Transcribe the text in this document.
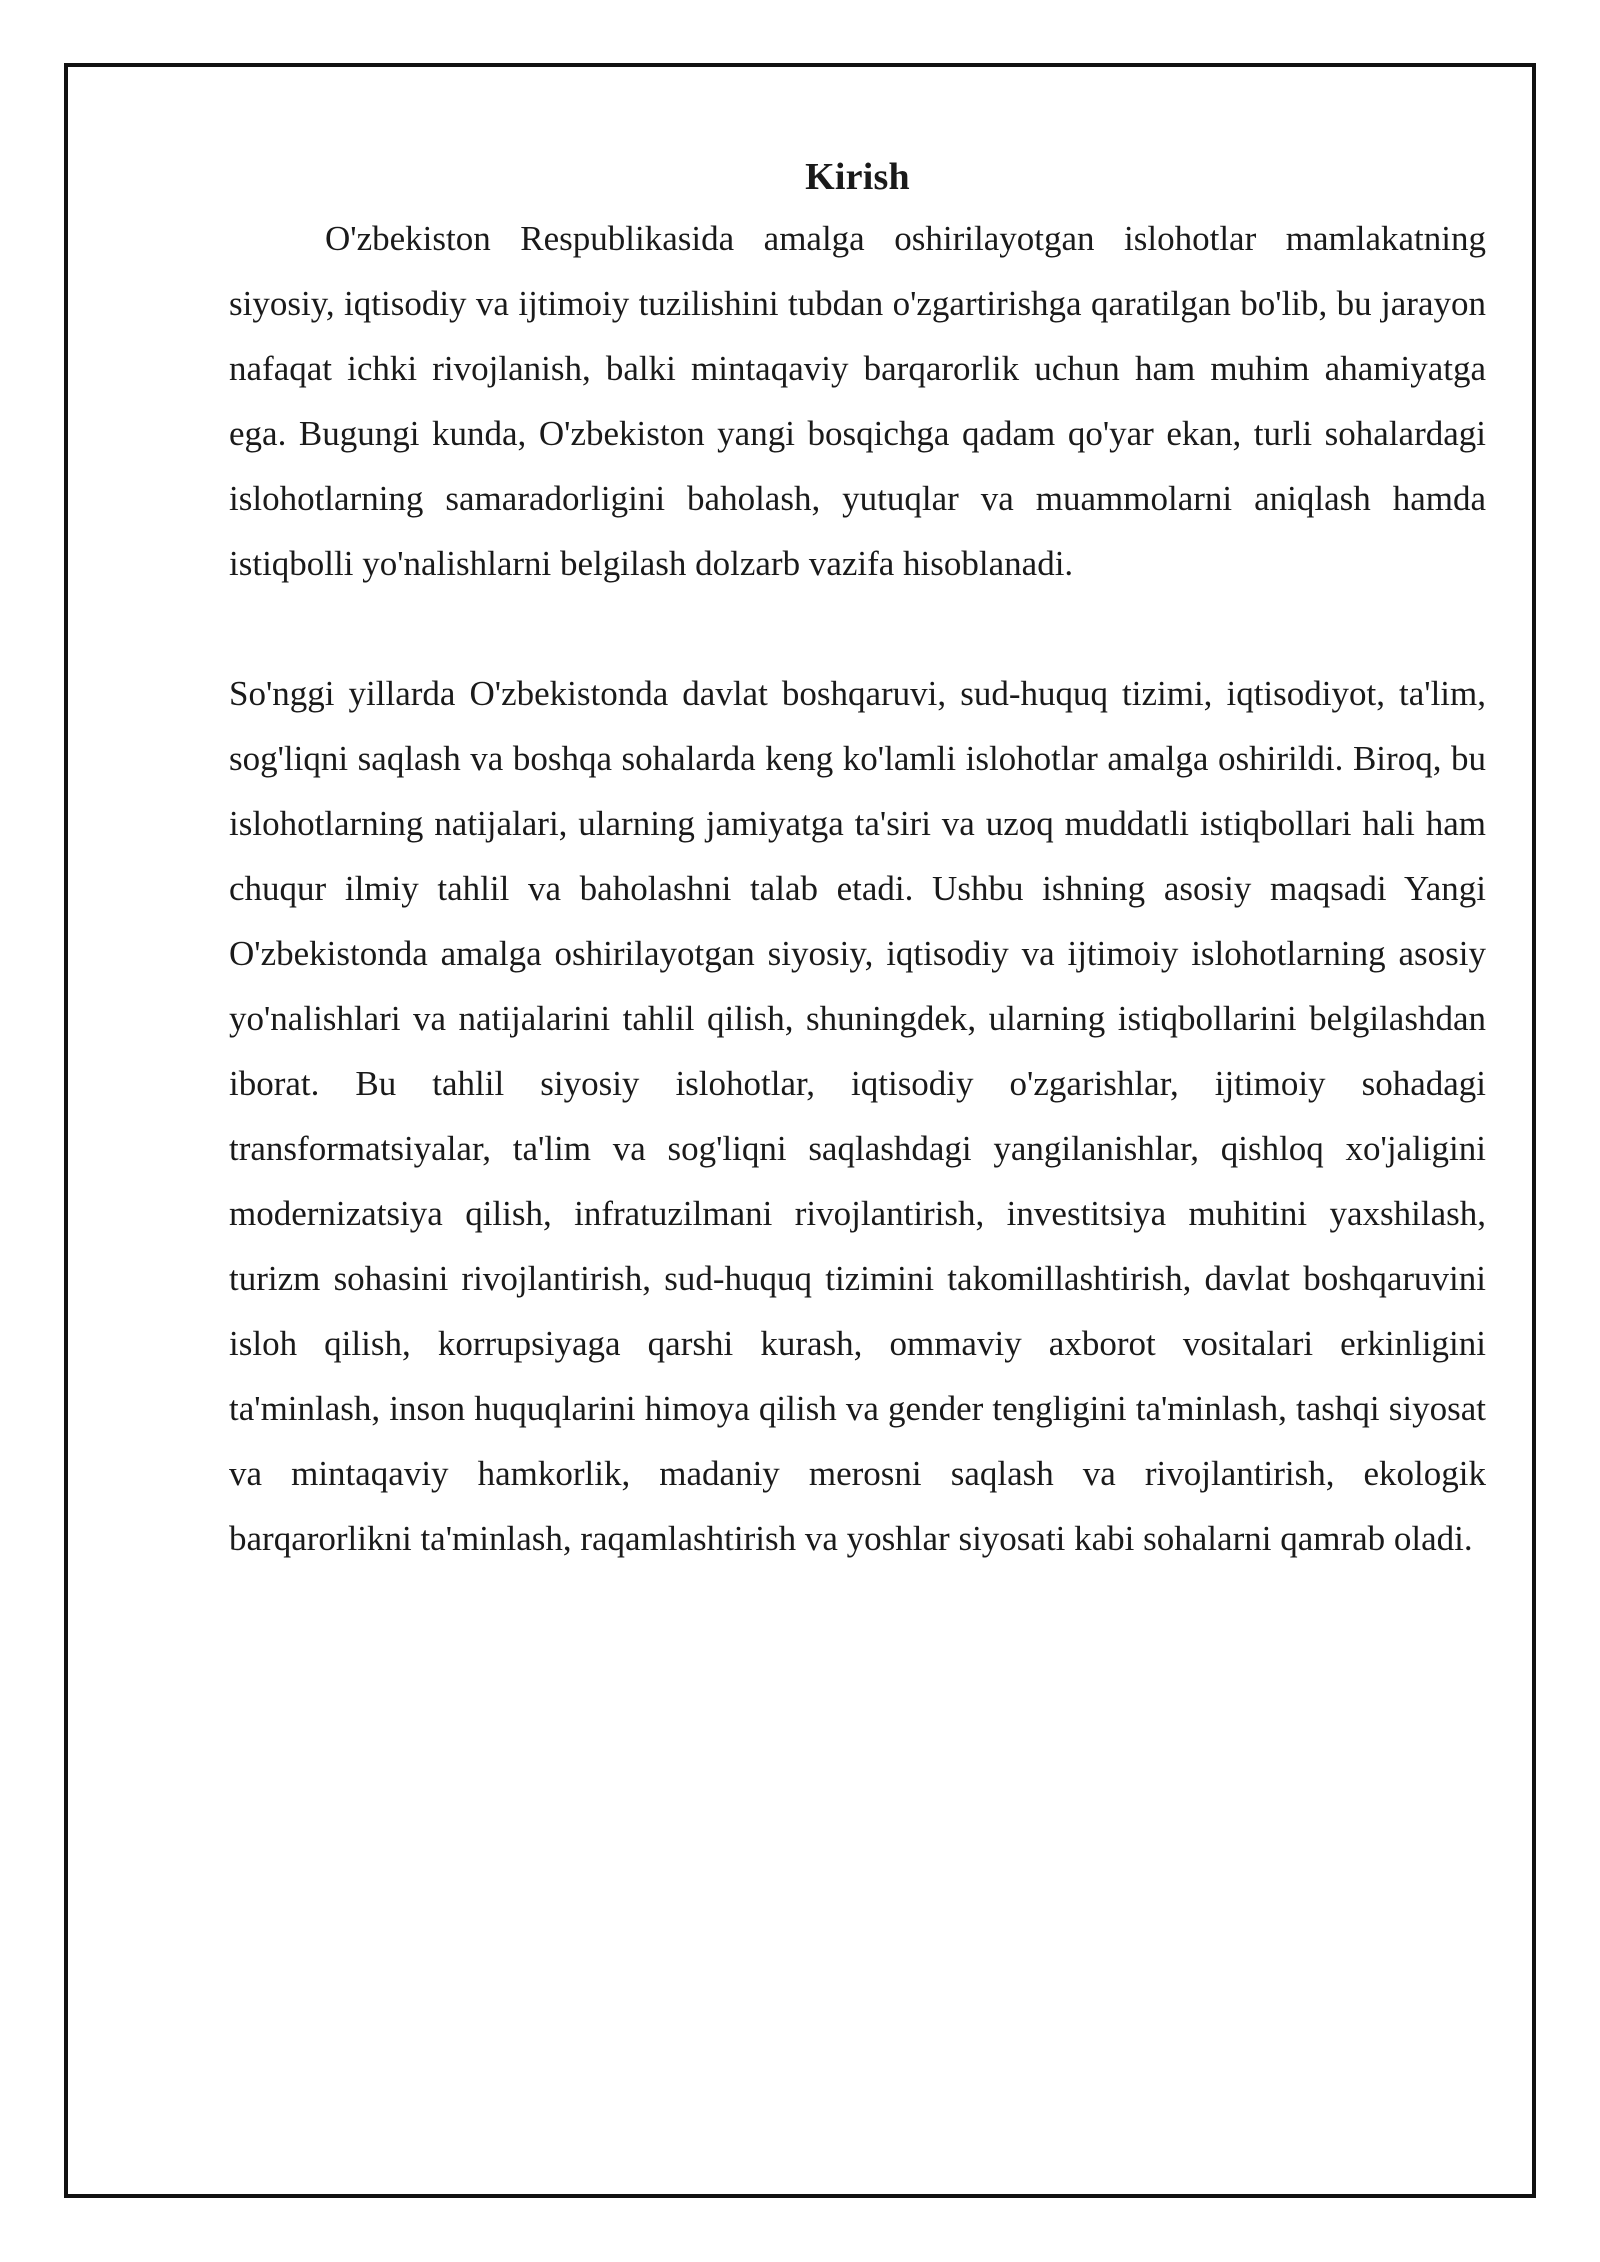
Kirish

O'zbekiston Respublikasida amalga oshirilayotgan islohotlar mamlakatning siyosiy, iqtisodiy va ijtimoiy tuzilishini tubdan o'zgartirishga qaratilgan bo'lib, bu jarayon nafaqat ichki rivojlanish, balki mintaqaviy barqarorlik uchun ham muhim ahamiyatga ega. Bugungi kunda, O'zbekiston yangi bosqichga qadam qo'yar ekan, turli sohalardagi islohotlarning samaradorligini baholash, yutuqlar va muammolarni aniqlash hamda istiqbolli yo'nalishlarni belgilash dolzarb vazifa hisoblanadi.

So'nggi yillarda O'zbekistonda davlat boshqaruvi, sud-huquq tizimi, iqtisodiyot, ta'lim, sog'liqni saqlash va boshqa sohalarda keng ko'lamli islohotlar amalga oshirildi. Biroq, bu islohotlarning natijalari, ularning jamiyatga ta'siri va uzoq muddatli istiqbollari hali ham chuqur ilmiy tahlil va baholashni talab etadi. Ushbu ishning asosiy maqsadi Yangi O'zbekistonda amalga oshirilayotgan siyosiy, iqtisodiy va ijtimoiy islohotlarning asosiy yo'nalishlari va natijalarini tahlil qilish, shuningdek, ularning istiqbollarini belgilashdan iborat. Bu tahlil siyosiy islohotlar, iqtisodiy o'zgarishlar, ijtimoiy sohadagi transformatsiyalar, ta'lim va sog'liqni saqlashdagi yangilanishlar, qishloq xo'jaligini modernizatsiya qilish, infratuzilmani rivojlantirish, investitsiya muhitini yaxshilash, turizm sohasini rivojlantirish, sud-huquq tizimini takomillashtirish, davlat boshqaruvini isloh qilish, korrupsiyaga qarshi kurash, ommaviy axborot vositalari erkinligini ta'minlash, inson huquqlarini himoya qilish va gender tengligini ta'minlash, tashqi siyosat va mintaqaviy hamkorlik, madaniy merosni saqlash va rivojlantirish, ekologik barqarorlikni ta'minlash, raqamlashtirish va yoshlar siyosati kabi sohalarni qamrab oladi.
